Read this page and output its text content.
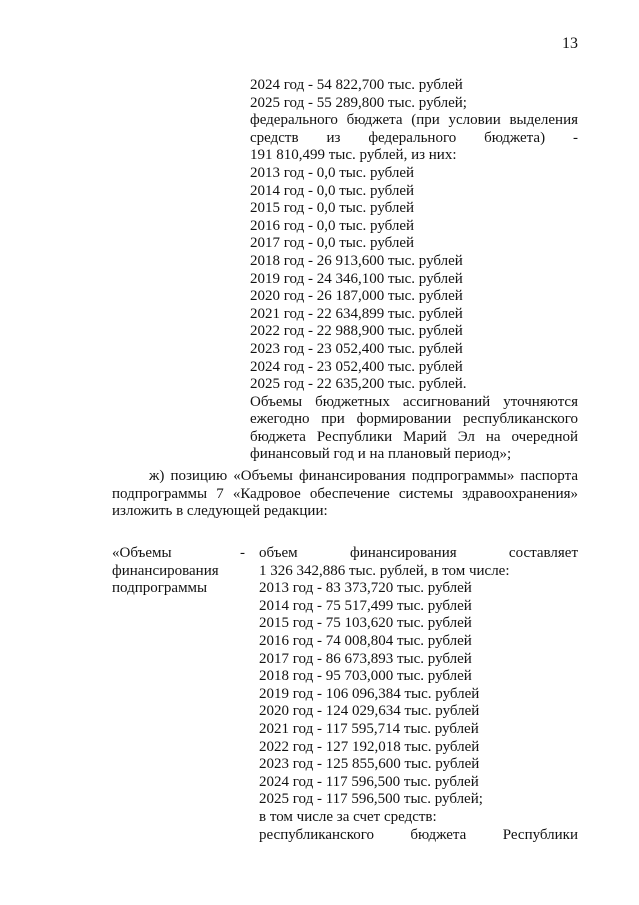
13
2024 год - 54 822,700 тыс. рублей
2025 год - 55 289,800 тыс. рублей;
федерального бюджета (при условии выделения
средств из федерального бюджета) -
191 810,499 тыс. рублей, из них:
2013 год - 0,0 тыс. рублей
2014 год - 0,0 тыс. рублей
2015 год - 0,0 тыс. рублей
2016 год - 0,0 тыс. рублей
2017 год - 0,0 тыс. рублей
2018 год - 26 913,600 тыс. рублей
2019 год - 24 346,100 тыс. рублей
2020 год - 26 187,000 тыс. рублей
2021 год - 22 634,899 тыс. рублей
2022 год - 22 988,900 тыс. рублей
2023 год - 23 052,400 тыс. рублей
2024 год - 23 052,400 тыс. рублей
2025 год - 22 635,200 тыс. рублей.
Объемы бюджетных ассигнований уточняются
ежегодно при формировании республиканского
бюджета Республики Марий Эл на очередной
финансовый год и на плановый период»;
ж) позицию «Объемы финансирования подпрограммы» паспорта
подпрограммы 7 «Кадровое обеспечение системы здравоохранения»
изложить в следующей редакции:
«Объемы
финансирования
подпрограммы
- объем финансирования составляет
1 326 342,886 тыс. рублей, в том числе:
2013 год - 83 373,720 тыс. рублей
2014 год - 75 517,499 тыс. рублей
2015 год - 75 103,620 тыс. рублей
2016 год - 74 008,804 тыс. рублей
2017 год - 86 673,893 тыс. рублей
2018 год - 95 703,000 тыс. рублей
2019 год - 106 096,384 тыс. рублей
2020 год - 124 029,634 тыс. рублей
2021 год - 117 595,714 тыс. рублей
2022 год - 127 192,018 тыс. рублей
2023 год - 125 855,600 тыс. рублей
2024 год - 117 596,500 тыс. рублей
2025 год - 117 596,500 тыс. рублей;
в том числе за счет средств:
республиканского бюджета Республики
